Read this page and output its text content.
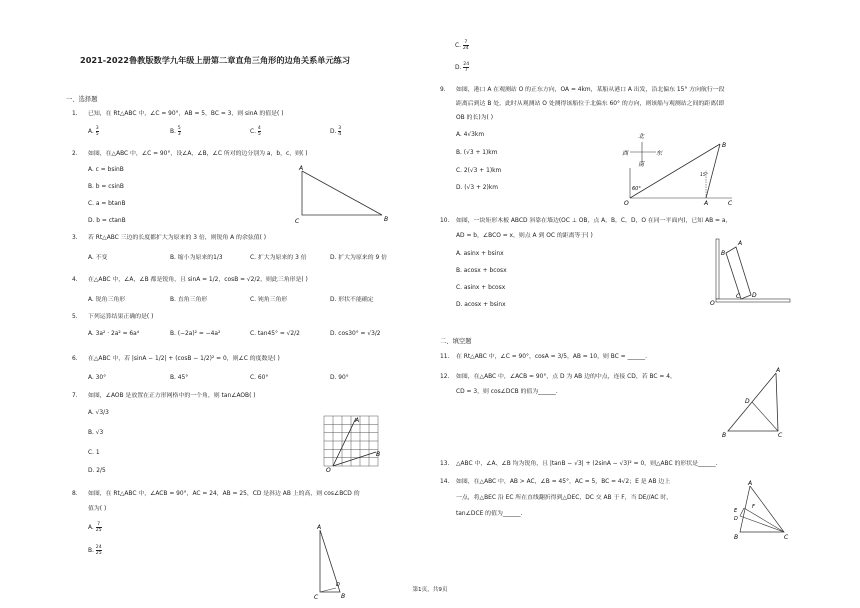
2021-2022鲁教版数学九年级上册第二章直角三角形的边角关系单元练习
一、选择题
1. 已知，在 Rt△ABC 中，∠C = 90°，AB = 5，BC = 3，则 sinA 的值是( )
A. $\frac{3}{5}$	B. $\frac{5}{3}$	C. $\frac{4}{5}$	D. $\frac{3}{4}$
2. 如图，在△ABC 中，∠C = 90°，设∠A，∠B，∠C 所对的边分别为 a，b，c，则( )
A. c = bsinB
B. b = csinB
C. a = btanB
D. b = ctanB
A
C	B
3. 若 Rt△ABC 三边的长度都扩大为原来的 3 倍，则锐角 A 的余弦值( )
A. 不变	B. 缩小为原来的1/3	C. 扩大为原来的 3 倍	D. 扩大为原来的 9 倍
4. 在△ABC 中，∠A，∠B 都是锐角，且 sinA = 1/2，cosB = √2/2，则此三角形是( )
A. 锐角三角形	B. 直角三角形	C. 钝角三角形	D. 形状不能确定
5. 下列运算结果正确的是( )
A. 3a² · 2a² = 6a⁴	B. (−2a)² = −4a²	C. tan45° = √2/2	D. cos30° = √3/2
6. 在△ABC 中，若 |sinA − 1/2| + (cosB − 1/2)² = 0，则∠C 的度数是( )
A. 30°	B. 45°	C. 60°	D. 90°
7. 如图，∠AOB 是放置在正方形网格中的一个角，则 tan∠AOB( )
A. √3/3
B. √3
C. 1
D. 2/5	O
A
B
8. 如图，在 Rt△ABC 中，∠ACB = 90°，AC = 24，AB = 25，CD 是斜边 AB 上的高，则 cos∠BCD 的
值为( )
A. $\frac{7}{25}$
B. $\frac{24}{25}$
A
C	B
D
C. $\frac{7}{24}$
D. $\frac{24}{7}$
9. 如图，港口 A 在观测站 O 的正东方向，OA = 4km，某船从港口 A 出发，沿北偏东 15° 方向航行一段
距离后到达 B 处，此时从观测站 O 处测得该船位于北偏东 60° 的方向，则该船与观测站之间的距离(即
OB 的长)为( )
A. 4√3km
B. (√3 + 1)km
C. 2(√3 + 1)km
D. (√3 + 2)km
北
南
西	东
60°
15°
O	A
B
C
10. 如图，一块矩形木板 ABCD 斜靠在墙边(OC ⊥ OB，点 A，B，C，D，O 在同一平面内)，已知 AB = a，
AD = b，∠BCO = x，则点 A 到 OC 的距离等于( )
A. asinx + bsinx
B. acosx + bcosx
C. asinx + bcosx
D. acosx + bsinx
A
B
C D
O
二、填空题
11. 在 Rt△ABC 中，∠C = 90°，cosA = 3/5，AB = 10，则 BC = ______.
12. 如图，在△ABC 中，∠ACB = 90°，点 D 为 AB 边的中点，连接 CD，若 BC = 4，
CD = 3，则 cos∠DCB 的值为______.
A
D
B	C
13. △ABC 中，∠A、∠B 均为锐角，且 |tanB − √3| + (2sinA − √3)² = 0，则△ABC 的形状是______.
14. 如图，在△ABC 中，AB > AC，∠B = 45°，AC = 5，BC = 4√2；E 是 AB 边上
一点，将△BEC 沿 EC 所在直线翻折得到△DEC，DC 交 AB 于 F，当 DE//AC 时，
tan∠DCE 的值为______.
A
E
F
D
B	C
第1页，共9页
